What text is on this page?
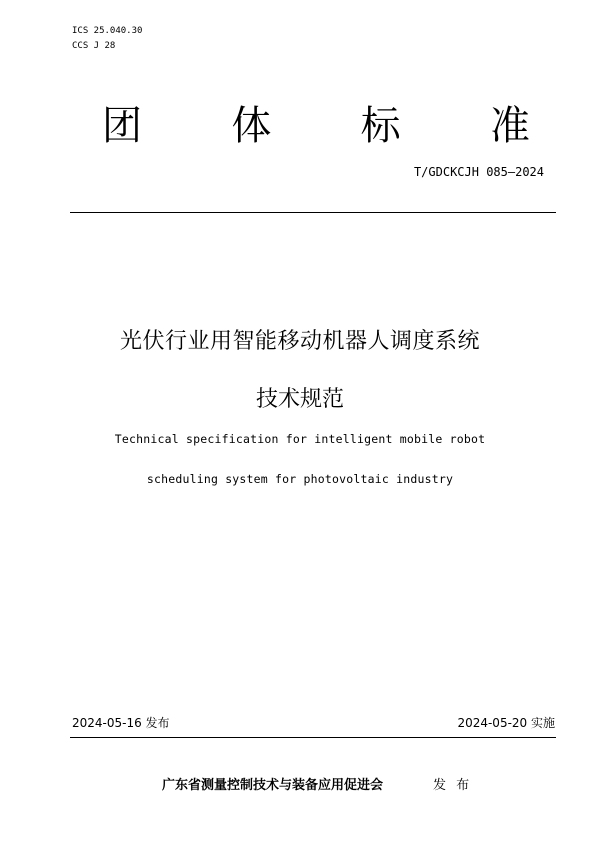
ICS 25.040.30
CCS J 28
团 体 标 准
T/GDCKCJH 085—2024
光伏行业用智能移动机器人调度系统
技术规范
Technical specification for intelligent mobile robot
scheduling system for photovoltaic industry
2024-05-16 发布	2024-05-20 实施
广东省测量控制技术与装备应用促进会	发 布
